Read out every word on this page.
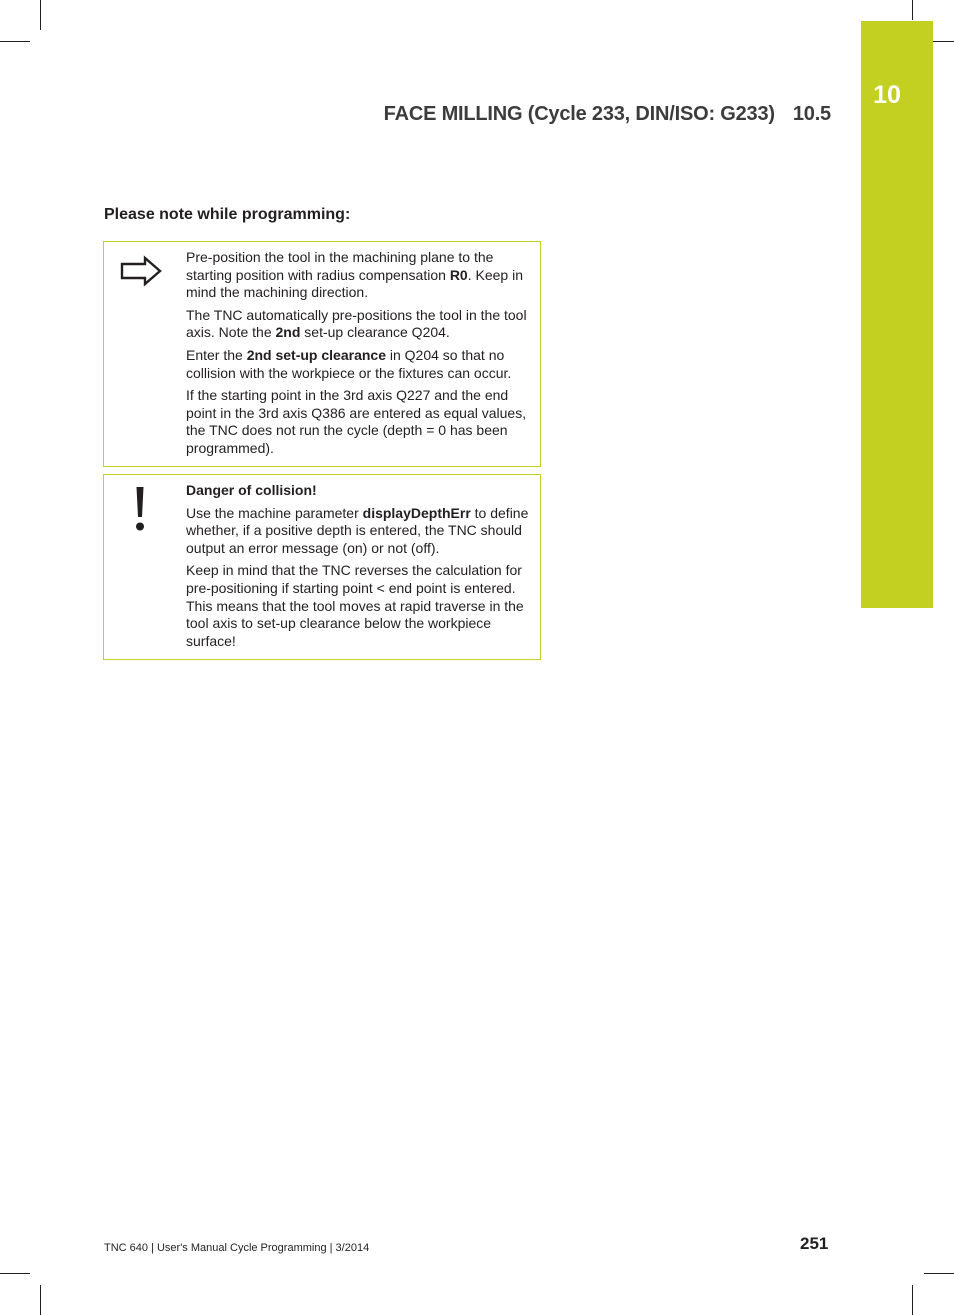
10
FACE MILLING (Cycle 233, DIN/ISO: G233) 10.5
Please note while programming:

Pre-position the tool in the machining plane to the starting position with radius compensation R0. Keep in mind the machining direction.

The TNC automatically pre-positions the tool in the tool axis. Note the 2nd set-up clearance Q204.

Enter the 2nd set-up clearance in Q204 so that no collision with the workpiece or the fixtures can occur.

If the starting point in the 3rd axis Q227 and the end point in the 3rd axis Q386 are entered as equal values, the TNC does not run the cycle (depth = 0 has been programmed).

Danger of collision!

Use the machine parameter displayDepthErr to define whether, if a positive depth is entered, the TNC should output an error message (on) or not (off).

Keep in mind that the TNC reverses the calculation for pre-positioning if starting point < end point is entered. This means that the tool moves at rapid traverse in the tool axis to set-up clearance below the workpiece surface!

TNC 640 | User's Manual Cycle Programming | 3/2014	251
